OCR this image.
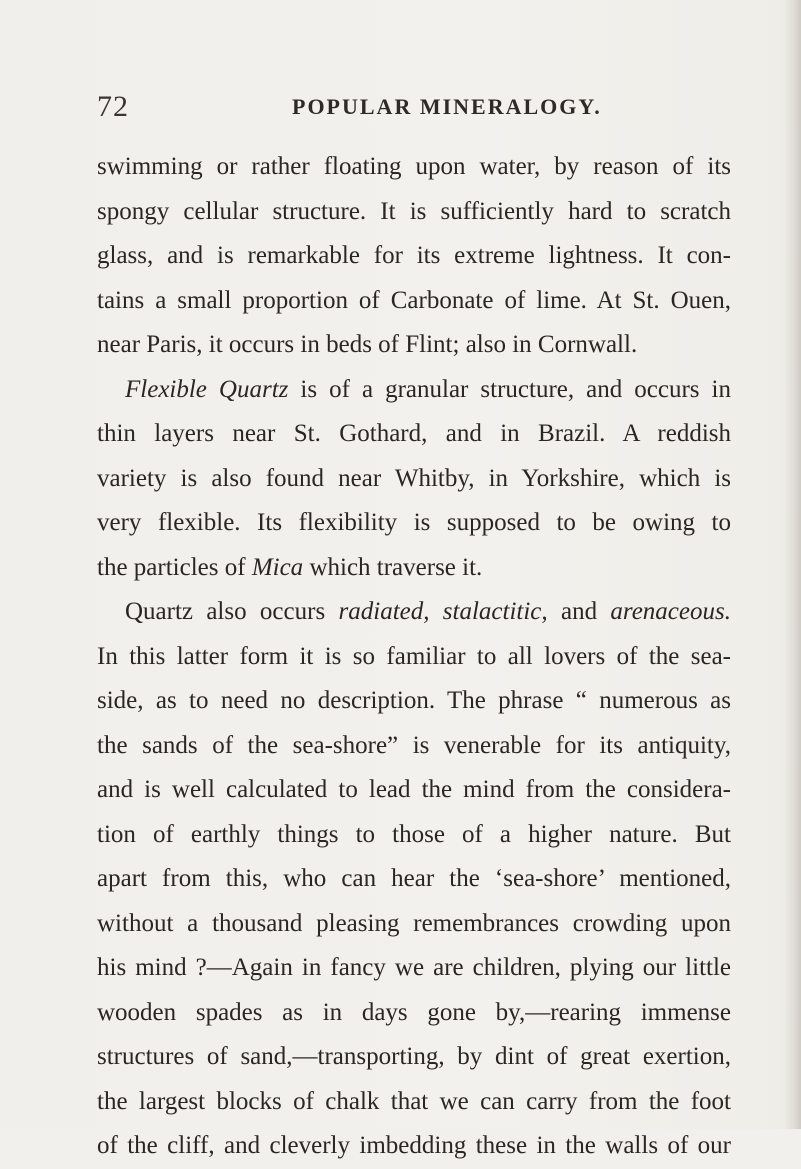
72	POPULAR MINERALOGY.
swimming or rather floating upon water, by reason of its
spongy cellular structure. It is sufficiently hard to scratch
glass, and is remarkable for its extreme lightness. It con-
tains a small proportion of Carbonate of lime. At St. Ouen,
near Paris, it occurs in beds of Flint; also in Cornwall.
Flexible Quartz is of a granular structure, and occurs in
thin layers near St. Gothard, and in Brazil. A reddish
variety is also found near Whitby, in Yorkshire, which is
very flexible. Its flexibility is supposed to be owing to
the particles of Mica which traverse it.
Quartz also occurs radiated, stalactitic, and arenaceous.
In this latter form it is so familiar to all lovers of the sea-
side, as to need no description. The phrase “ numerous as
the sands of the sea-shore” is venerable for its antiquity,
and is well calculated to lead the mind from the considera-
tion of earthly things to those of a higher nature. But
apart from this, who can hear the ‘sea-shore’ mentioned,
without a thousand pleasing remembrances crowding upon
his mind ?—Again in fancy we are children, plying our little
wooden spades as in days gone by,—rearing immense
structures of sand,—transporting, by dint of great exertion,
the largest blocks of chalk that we can carry from the foot
of the cliff, and cleverly imbedding these in the walls of our
